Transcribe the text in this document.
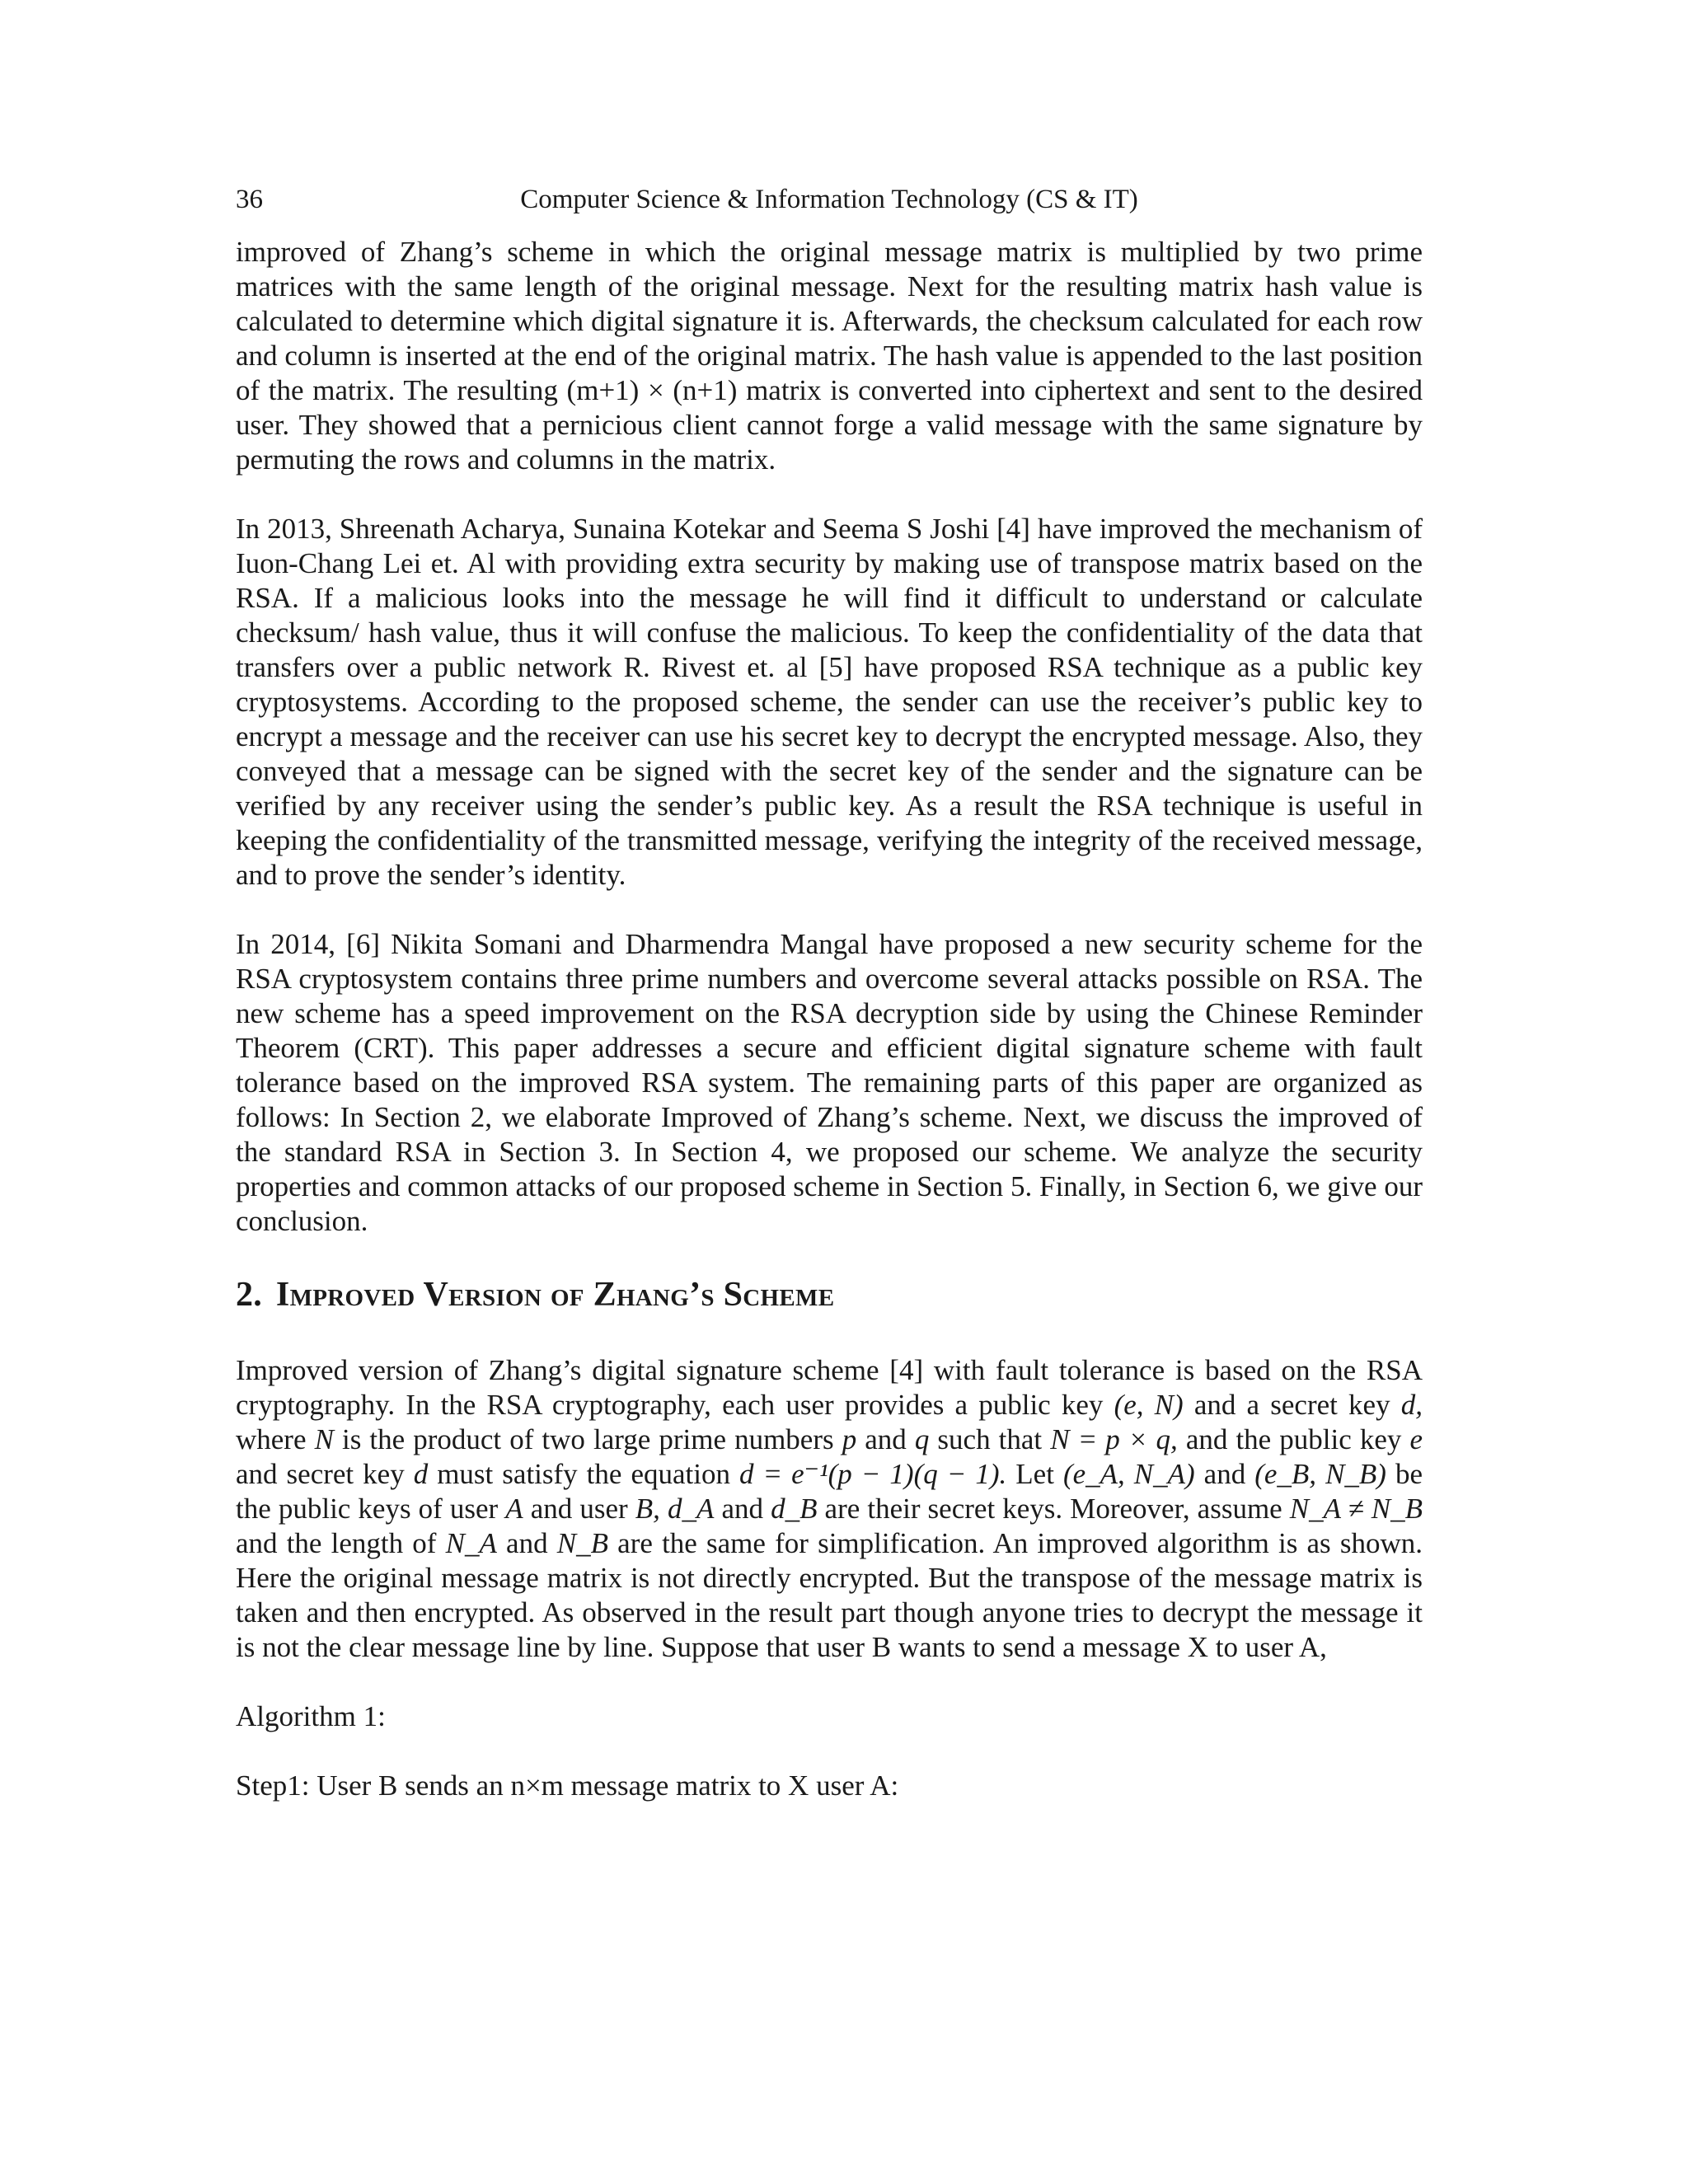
36	Computer Science & Information Technology (CS & IT)

improved of Zhang’s scheme in which the original message matrix is multiplied by two prime matrices with the same length of the original message. Next for the resulting matrix hash value is calculated to determine which digital signature it is. Afterwards, the checksum calculated for each row and column is inserted at the end of the original matrix. The hash value is appended to the last position of the matrix. The resulting (m+1) × (n+1) matrix is converted into ciphertext and sent to the desired user. They showed that a pernicious client cannot forge a valid message with the same signature by permuting the rows and columns in the matrix.

In 2013, Shreenath Acharya, Sunaina Kotekar and Seema S Joshi [4] have improved the mechanism of Iuon-Chang Lei et. Al with providing extra security by making use of transpose matrix based on the RSA. If a malicious looks into the message he will find it difficult to understand or calculate checksum/ hash value, thus it will confuse the malicious. To keep the confidentiality of the data that transfers over a public network R. Rivest et. al [5] have proposed RSA technique as a public key cryptosystems. According to the proposed scheme, the sender can use the receiver’s public key to encrypt a message and the receiver can use his secret key to decrypt the encrypted message. Also, they conveyed that a message can be signed with the secret key of the sender and the signature can be verified by any receiver using the sender’s public key. As a result the RSA technique is useful in keeping the confidentiality of the transmitted message, verifying the integrity of the received message, and to prove the sender’s identity.

In 2014, [6] Nikita Somani and Dharmendra Mangal have proposed a new security scheme for the RSA cryptosystem contains three prime numbers and overcome several attacks possible on RSA. The new scheme has a speed improvement on the RSA decryption side by using the Chinese Reminder Theorem (CRT). This paper addresses a secure and efficient digital signature scheme with fault tolerance based on the improved RSA system. The remaining parts of this paper are organized as follows: In Section 2, we elaborate Improved of Zhang’s scheme. Next, we discuss the improved of the standard RSA in Section 3. In Section 4, we proposed our scheme. We analyze the security properties and common attacks of our proposed scheme in Section 5. Finally, in Section 6, we give our conclusion.

2. Improved Version of Zhang’s Scheme

Improved version of Zhang’s digital signature scheme [4] with fault tolerance is based on the RSA cryptography. In the RSA cryptography, each user provides a public key (e, N) and a secret key d, where N is the product of two large prime numbers p and q such that N = p × q, and the public key e and secret key d must satisfy the equation d = e⁻¹(p − 1)(q − 1). Let (e_A, N_A) and (e_B, N_B) be the public keys of user A and user B, d_A and d_B are their secret keys. Moreover, assume N_A ≠ N_B and the length of N_A and N_B are the same for simplification. An improved algorithm is as shown. Here the original message matrix is not directly encrypted. But the transpose of the message matrix is taken and then encrypted. As observed in the result part though anyone tries to decrypt the message it is not the clear message line by line. Suppose that user B wants to send a message X to user A,

Algorithm 1:

Step1: User B sends an n×m message matrix to X user A:
